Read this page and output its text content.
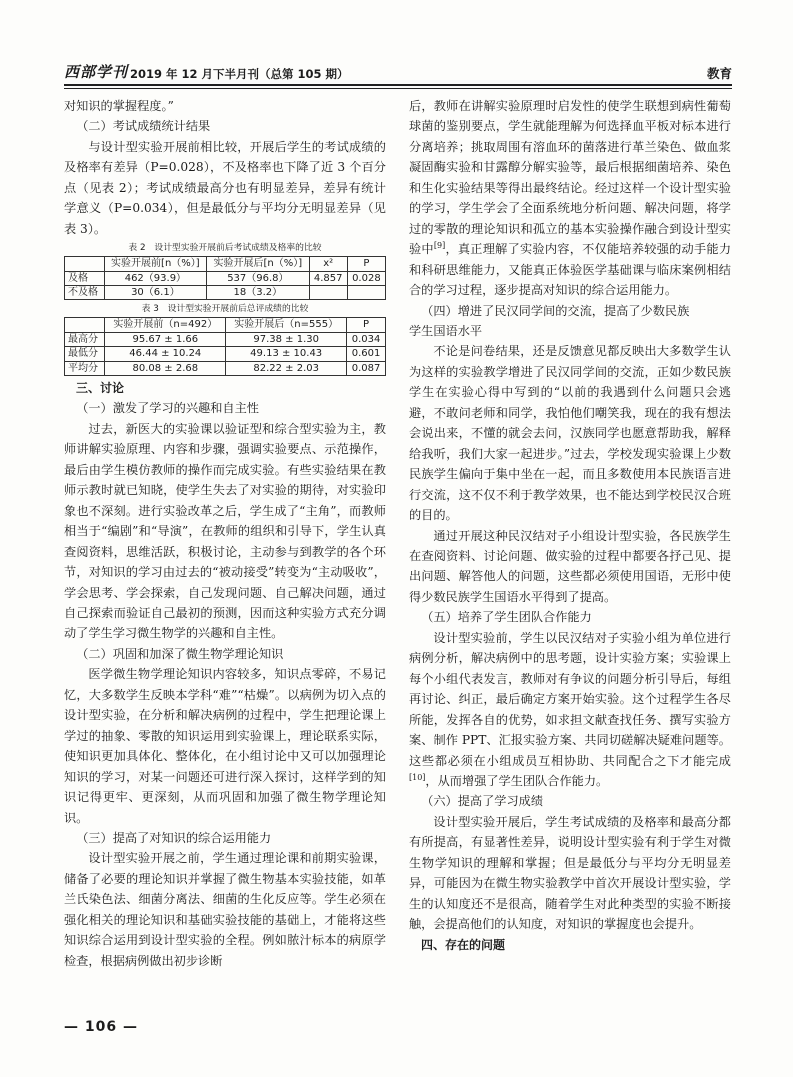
西部学刊 2019 年 12 月下半月刊（总第 105 期）	教育

对知识的掌握程度。”

（二）考试成绩统计结果

与设计型实验开展前相比较，开展后学生的考试成绩的及格率有差异（P=0.028），不及格率也下降了近 3 个百分点（见表 2）；考试成绩最高分也有明显差异，差异有统计学意义（P=0.034），但是最低分与平均分无明显差异（见表 3）。

表 2　设计型实验开展前后考试成绩及格率的比较

	实验开展前[n（%）]	实验开展后[n（%）]	x²	P
及格	462（93.9）	537（96.8）	4.857	0.028
不及格	30（6.1）	18（3.2）		

表 3　设计型实验开展前后总评成绩的比较

	实验开展前（n=492）	实验开展后（n=555）	P
最高分	95.67 ± 1.66	97.38 ± 1.30	0.034
最低分	46.44 ± 10.24	49.13 ± 10.43	0.601
平均分	80.08 ± 2.68	82.22 ± 2.03	0.087

三、讨论

（一）激发了学习的兴趣和自主性

过去，新医大的实验课以验证型和综合型实验为主，教师讲解实验原理、内容和步骤，强调实验要点、示范操作，最后由学生模仿教师的操作而完成实验。有些实验结果在教师示教时就已知晓，使学生失去了对实验的期待，对实验印象也不深刻。进行实验改革之后，学生成了“主角”，而教师相当于“编剧”和“导演”，在教师的组织和引导下，学生认真查阅资料，思维活跃，积极讨论，主动参与到教学的各个环节，对知识的学习由过去的“被动接受”转变为“主动吸收”，学会思考、学会探索，自己发现问题、自己解决问题，通过自己探索而验证自己最初的预测，因而这种实验方式充分调动了学生学习微生物学的兴趣和自主性。

（二）巩固和加深了微生物学理论知识

医学微生物学理论知识内容较多，知识点零碎，不易记忆，大多数学生反映本学科“难”“枯燥”。以病例为切入点的设计型实验，在分析和解决病例的过程中，学生把理论课上学过的抽象、零散的知识运用到实验课上，理论联系实际，使知识更加具体化、整体化，在小组讨论中又可以加强理论知识的学习，对某一问题还可进行深入探讨，这样学到的知识记得更牢、更深刻，从而巩固和加强了微生物学理论知识。

（三）提高了对知识的综合运用能力

设计型实验开展之前，学生通过理论课和前期实验课，储备了必要的理论知识并掌握了微生物基本实验技能，如革兰氏染色法、细菌分离法、细菌的生化反应等。学生必须在强化相关的理论知识和基础实验技能的基础上，才能将这些知识综合运用到设计型实验的全程。例如脓汁标本的病原学检查，根据病例做出初步诊断

后，教师在讲解实验原理时启发性的使学生联想到病性葡萄球菌的鉴别要点，学生就能理解为何选择血平板对标本进行分离培养；挑取周围有溶血环的菌落进行革兰染色、做血浆凝固酶实验和甘露醇分解实验等，最后根据细菌培养、染色和生化实验结果等得出最终结论。经过这样一个设计型实验的学习，学生学会了全面系统地分析问题、解决问题，将学过的零散的理论知识和孤立的基本实验操作融合到设计型实验中[9]，真正理解了实验内容，不仅能培养较强的动手能力和科研思维能力，又能真正体验医学基础课与临床案例相结合的学习过程，逐步提高对知识的综合运用能力。

（四）增进了民汉同学间的交流，提高了少数民族

学生国语水平

不论是问卷结果，还是反馈意见都反映出大多数学生认为这样的实验教学增进了民汉同学间的交流，正如少数民族学生在实验心得中写到的“以前的我遇到什么问题只会逃避，不敢问老师和同学，我怕他们嘲笑我，现在的我有想法会说出来，不懂的就会去问，汉族同学也愿意帮助我，解释给我听，我们大家一起进步。”过去，学校发现实验课上少数民族学生偏向于集中坐在一起，而且多数使用本民族语言进行交流，这不仅不利于教学效果，也不能达到学校民汉合班的目的。

通过开展这种民汉结对子小组设计型实验，各民族学生在查阅资料、讨论问题、做实验的过程中都要各抒己见、提出问题、解答他人的问题，这些都必须使用国语，无形中使得少数民族学生国语水平得到了提高。

（五）培养了学生团队合作能力

设计型实验前，学生以民汉结对子实验小组为单位进行病例分析，解决病例中的思考题，设计实验方案；实验课上每个小组代表发言，教师对有争议的问题分析引导后，每组再讨论、纠正，最后确定方案开始实验。这个过程学生各尽所能，发挥各自的优势，如求担文献查找任务、撰写实验方案、制作 PPT、汇报实验方案、共同切磋解决疑难问题等。这些都必须在小组成员互相协助、共同配合之下才能完成[10]，从而增强了学生团队合作能力。

（六）提高了学习成绩

设计型实验开展后，学生考试成绩的及格率和最高分都有所提高，有显著性差异，说明设计型实验有利于学生对微生物学知识的理解和掌握；但是最低分与平均分无明显差异，可能因为在微生物实验教学中首次开展设计型实验，学生的认知度还不是很高，随着学生对此种类型的实验不断接触，会提高他们的认知度，对知识的掌握度也会提升。

四、存在的问题

— 106 —
